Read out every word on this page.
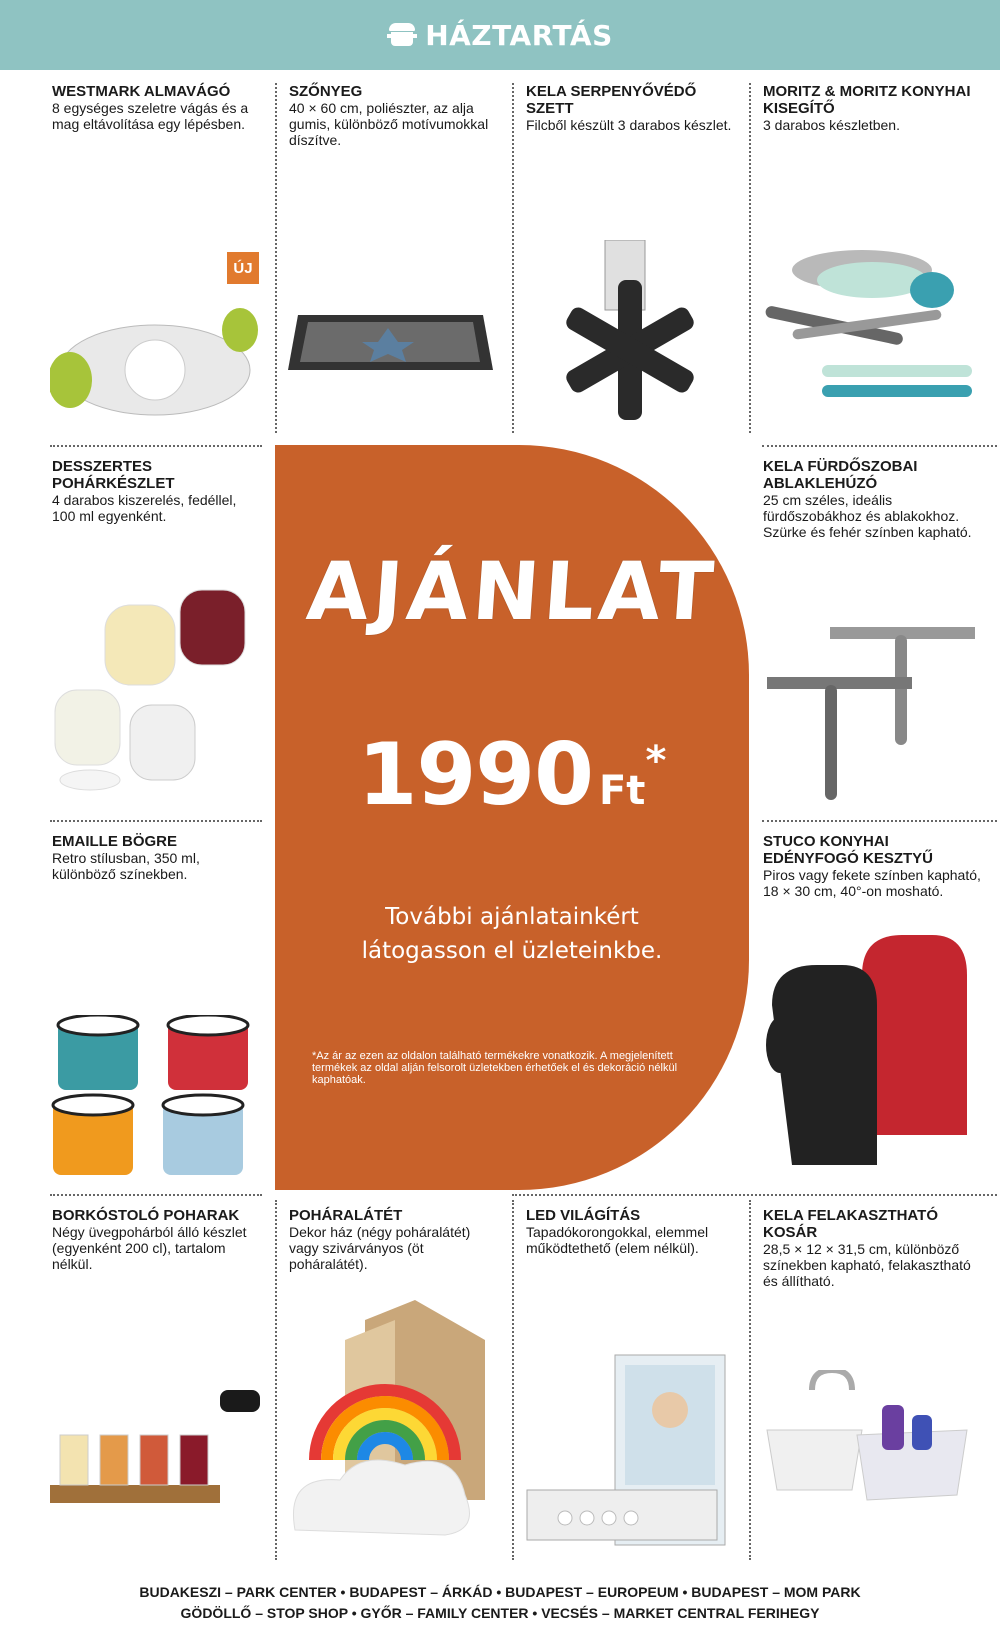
HÁZTARTÁS

WESTMARK ALMAVÁGÓ

8 egységes szeletre vágás és a mag eltávolítása egy lépésben.

ÚJ

SZŐNYEG

40 × 60 cm, poliészter, az alja gumis, különböző motívumokkal díszítve.

KELA SERPENYŐVÉDŐ SZETT

Filcből készült 3 darabos készlet.

MORITZ & MORITZ KONYHAI KISEGÍTŐ

3 darabos készletben.

DESSZERTES POHÁRKÉSZLET

4 darabos kiszerelés, fedéllel, 100 ml egyenként.

KELA FÜRDŐSZOBAI ABLAKLEHÚZÓ

25 cm széles, ideális fürdőszobákhoz és ablakokhoz. Szürke és fehér színben kapható.

EMAILLE BÖGRE

Retro stílusban, 350 ml, különböző színekben.

STUCO KONYHAI EDÉNYFOGÓ KESZTYŰ

Piros vagy fekete színben kapható, 18 × 30 cm, 40°-on mosható.

AJÁNLAT
1990 Ft*
További ajánlatainkért
látogasson el üzleteinkbe.
*Az ár az ezen az oldalon található termékekre vonatkozik. A megjelenített termékek az oldal alján felsorolt üzletekben érhetőek el és dekoráció nélkül kaphatóak.

BORKÓSTOLÓ POHARAK

Négy üvegpohárból álló készlet (egyenként 200 cl), tartalom nélkül.

POHÁRALÁTÉT

Dekor ház (négy poháralátét) vagy szivárványos (öt poháralátét).

LED VILÁGÍTÁS

Tapadókorongokkal, elemmel működtethető (elem nélkül).

KELA FELAKASZTHATÓ KOSÁR

28,5 × 12 × 31,5 cm, különböző színekben kapható, felakasztható és állítható.

BUDAKESZI – PARK CENTER • BUDAPEST – ÁRKÁD • BUDAPEST – EUROPEUM • BUDAPEST – MOM PARK
GÖDÖLLŐ – STOP SHOP • GYŐR – FAMILY CENTER • VECSÉS – MARKET CENTRAL FERIHEGY
